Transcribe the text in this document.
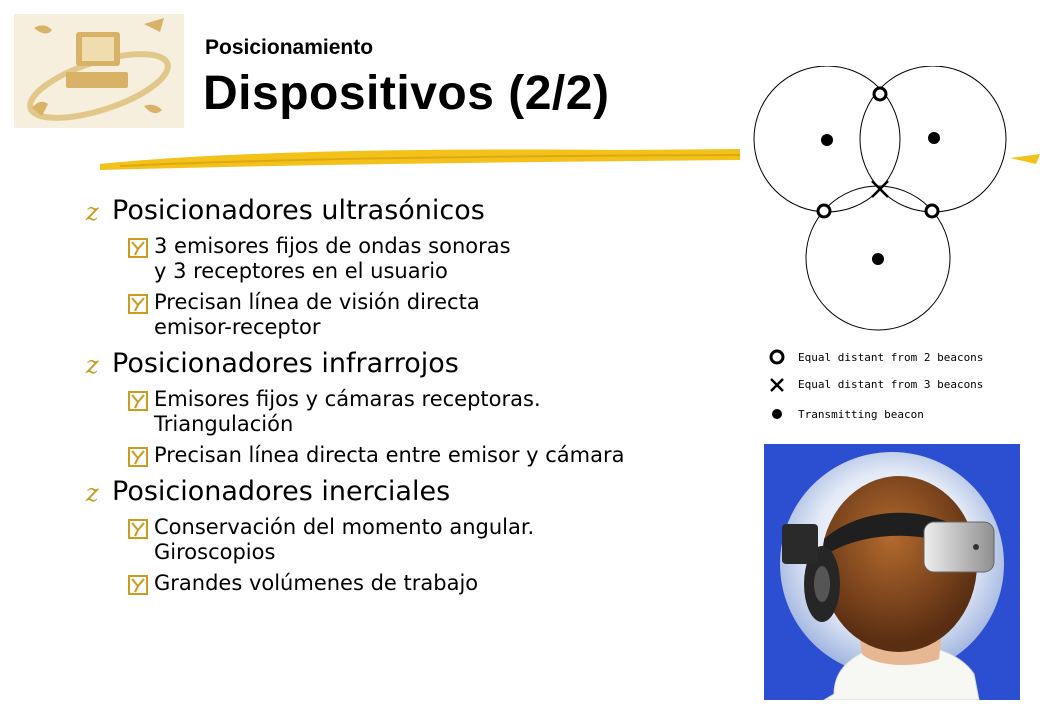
Posicionamiento
Dispositivos (2/2)
z Posicionadores ultrasónicos
3 emisores fijos de ondas sonoras
y 3 receptores en el usuario
Precisan línea de visión directa
emisor-receptor
z Posicionadores infrarrojos
Emisores fijos y cámaras receptoras.
Triangulación
Precisan línea directa entre emisor y cámara
z Posicionadores inerciales
Conservación del momento angular.
Giroscopios
Grandes volúmenes de trabajo
Equal distant from 2 beacons
Equal distant from 3 beacons
Transmitting beacon
